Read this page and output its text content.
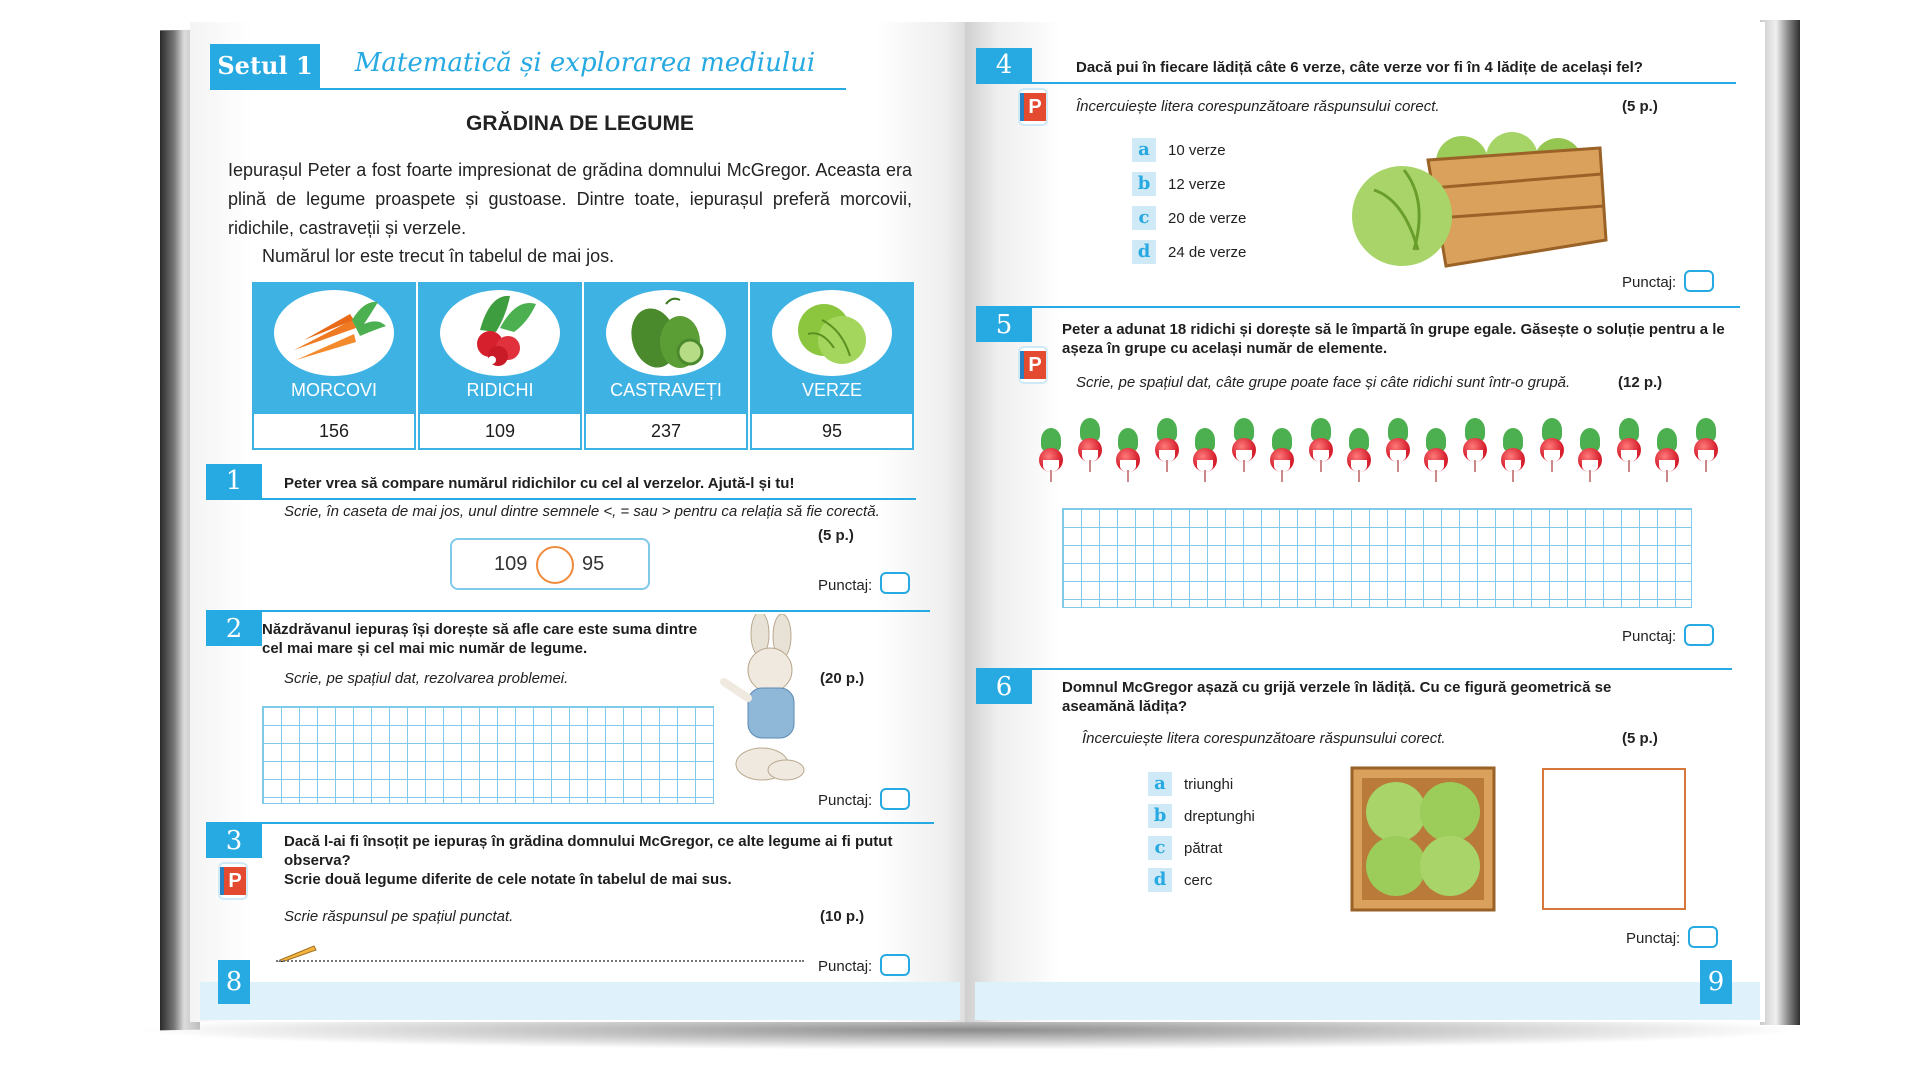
Setul 1	Matematică și explorarea mediului
GRĂDINA DE LEGUME
Iepurașul Peter a fost foarte impresionat de grădina domnului McGregor. Aceasta era plină de legume proaspete și gustoase. Dintre toate, iepurașul preferă morcovii, ridichile, castraveții și verzele.
Numărul lor este trecut în tabelul de mai jos.
MORCOVI	RIDICHI	CASTRAVEȚI	VERZE
156	109	237	95
1	Peter vrea să compare numărul ridichilor cu cel al verzelor. Ajută-l și tu!
Scrie, în caseta de mai jos, unul dintre semnele <, = sau > pentru ca relația să fie corectă.
(5 p.)
109	95
Punctaj:
2	Năzdrăvanul iepuraș își dorește să afle care este suma dintre cel mai mare și cel mai mic număr de legume.
Scrie, pe spațiul dat, rezolvarea problemei.	(20 p.)
Punctaj:
3
P
Dacă l-ai fi însoțit pe iepuraș în grădina domnului McGregor, ce alte legume ai fi putut observa?
Scrie două legume diferite de cele notate în tabelul de mai sus.
Scrie răspunsul pe spațiul punctat.	(10 p.)
Punctaj:
8
4
P
Dacă pui în fiecare lădiță câte 6 verze, câte verze vor fi în 4 lădițe de același fel?
Încercuiește litera corespunzătoare răspunsului corect.	(5 p.)
a	10 verze
b	12 verze
c	20 de verze
d	24 de verze
Punctaj:
5
P
Peter a adunat 18 ridichi și dorește să le împartă în grupe egale. Găsește o soluție pentru a le așeza în grupe cu același număr de elemente.
Scrie, pe spațiul dat, câte grupe poate face și câte ridichi sunt într-o grupă.	(12 p.)
Punctaj:
6	Domnul McGregor așază cu grijă verzele în lădiță. Cu ce figură geometrică se aseamănă lădița?
Încercuiește litera corespunzătoare răspunsului corect.	(5 p.)
a	triunghi
b	dreptunghi
c	pătrat
d	cerc
Punctaj:
9
